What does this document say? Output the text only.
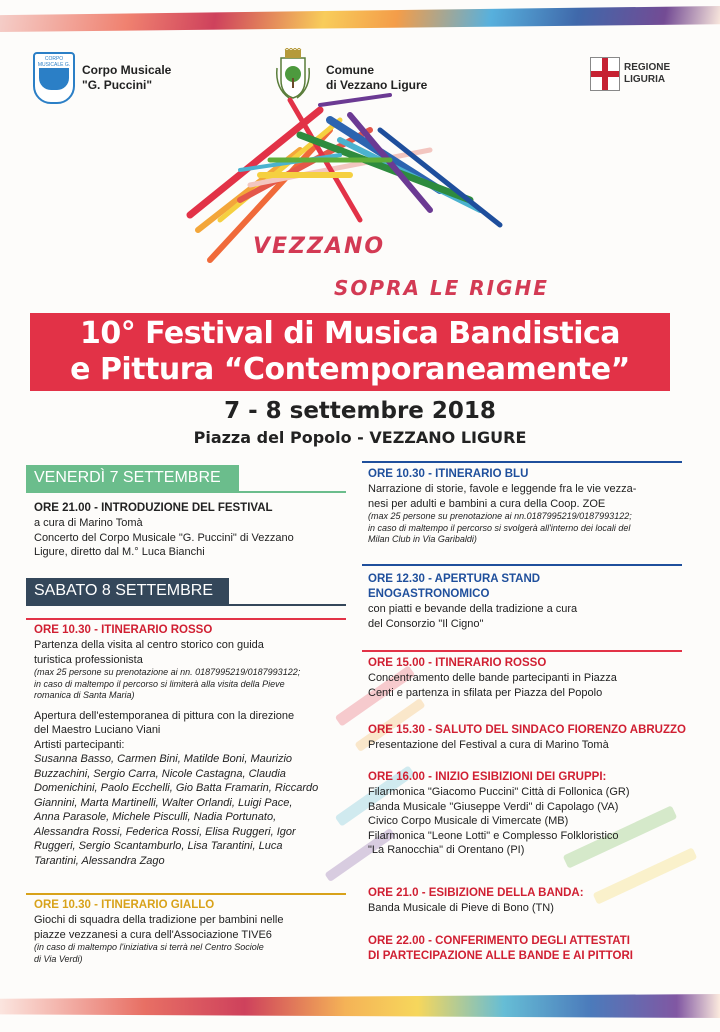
CORPO MUSICALE G. Corpo Musicale
"G. Puccini"
Comune
di Vezzano Ligure
REGIONE
LIGURIA
VEZZANO
SOPRA LE RIGHE
10° Festival di Musica Bandistica
e Pittura “Contemporaneamente”
7 - 8 settembre 2018
Piazza del Popolo - VEZZANO LIGURE
VENERDÌ 7 SETTEMBRE
ORE 21.00 - INTRODUZIONE DEL FESTIVAL
a cura di Marino Tomà
Concerto del Corpo Musicale "G. Puccini" di Vezzano
Ligure, diretto dal M.° Luca Bianchi
SABATO 8 SETTEMBRE
ORE 10.30 - ITINERARIO ROSSO
Partenza della visita al centro storico con guida
turistica professionista
(max 25 persone su prenotazione ai nn. 0187995219/0187993122;
in caso di maltempo il percorso si limiterà alla visita della Pieve
romanica di Santa Maria)
Apertura dell'estemporanea di pittura con la direzione
del Maestro Luciano Viani
Artisti partecipanti:
Susanna Basso, Carmen Bini, Matilde Boni, Maurizio
Buzzachini, Sergio Carra, Nicole Castagna, Claudia
Domenichini, Paolo Ecchelli, Gio Batta Framarin, Riccardo
Giannini, Marta Martinelli, Walter Orlandi, Luigi Pace,
Anna Parasole, Michele Pisculli, Nadia Portunato,
Alessandra Rossi, Federica Rossi, Elisa Ruggeri, Igor
Ruggeri, Sergio Scantamburlo, Lisa Tarantini, Luca
Tarantini, Alessandra Zago
ORE 10.30 - ITINERARIO GIALLO
Giochi di squadra della tradizione per bambini nelle
piazze vezzanesi a cura dell'Associazione TIVE6
(in caso di maltempo l'iniziativa si terrà nel Centro Sociole
di Via Verdi)
ORE 10.30 - ITINERARIO BLU
Narrazione di storie, favole e leggende fra le vie vezza-
nesi per adulti e bambini a cura della Coop. ZOE
(max 25 persone su prenotazione ai nn.0187995219/0187993122;
in caso di maltempo il percorso si svolgerà all'interno dei locali del
Milan Club in Via Garibaldi)
ORE 12.30 - APERTURA STAND
ENOGASTRONOMICO
con piatti e bevande della tradizione a cura
del Consorzio "Il Cigno"
ORE 15.00 - ITINERARIO ROSSO
Concentramento delle bande partecipanti in Piazza
Centi e partenza in sfilata per Piazza del Popolo
ORE 15.30 - SALUTO DEL SINDACO FIORENZO ABRUZZO
Presentazione del Festival a cura di Marino Tomà
ORE 16.00 - INIZIO ESIBIZIONI DEI GRUPPI:
Filarmonica "Giacomo Puccini" Città di Follonica (GR)
Banda Musicale "Giuseppe Verdi" di Capolago (VA)
Civico Corpo Musicale di Vimercate (MB)
Filarmonica "Leone Lotti" e Complesso Folkloristico
"La Ranocchia" di Orentano (PI)
ORE 21.0 - ESIBIZIONE DELLA BANDA:
Banda Musicale di Pieve di Bono (TN)
ORE 22.00 - CONFERIMENTO DEGLI ATTESTATI
DI PARTECIPAZIONE ALLE BANDE E AI PITTORI
